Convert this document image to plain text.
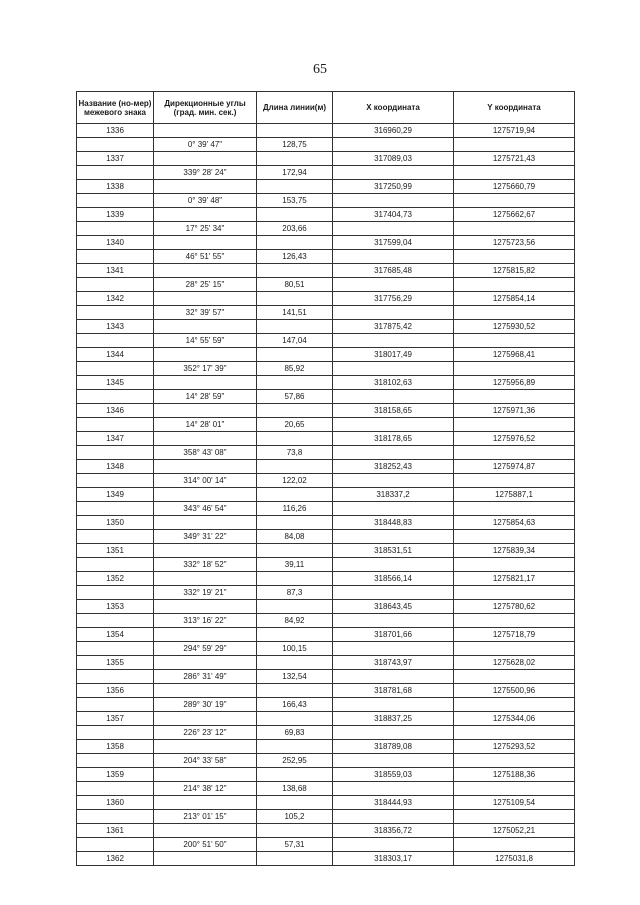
65
Название (но-мер) межевого знака	Дирекционные углы (град. мин. сек.)	Длина линии(м)	X координата	Y координата
1336			316960,29	1275719,94
	0° 39' 47"	128,75		
1337			317089,03	1275721,43
	339° 28' 24"	172,94		
1338			317250,99	1275660,79
	0° 39' 48"	153,75		
1339			317404,73	1275662,67
	17° 25' 34"	203,66		
1340			317599,04	1275723,56
	46° 51' 55"	126,43		
1341			317685,48	1275815,82
	28° 25' 15"	80,51		
1342			317756,29	1275854,14
	32° 39' 57"	141,51		
1343			317875,42	1275930,52
	14° 55' 59"	147,04		
1344			318017,49	1275968,41
	352° 17' 39"	85,92		
1345			318102,63	1275956,89
	14° 28' 59"	57,86		
1346			318158,65	1275971,36
	14° 28' 01"	20,65		
1347			318178,65	1275976,52
	358° 43' 08"	73,8		
1348			318252,43	1275974,87
	314° 00' 14"	122,02		
1349			318337,2	1275887,1
	343° 46' 54"	116,26		
1350			318448,83	1275854,63
	349° 31' 22"	84,08		
1351			318531,51	1275839,34
	332° 18' 52"	39,11		
1352			318566,14	1275821,17
	332° 19' 21"	87,3		
1353			318643,45	1275780,62
	313° 16' 22"	84,92		
1354			318701,66	1275718,79
	294° 59' 29"	100,15		
1355			318743,97	1275628,02
	286° 31' 49"	132,54		
1356			318781,68	1275500,96
	289° 30' 19"	166,43		
1357			318837,25	1275344,06
	226° 23' 12"	69,83		
1358			318789,08	1275293,52
	204° 33' 58"	252,95		
1359			318559,03	1275188,36
	214° 38' 12"	138,68		
1360			318444,93	1275109,54
	213° 01' 15"	105,2		
1361			318356,72	1275052,21
	200° 51' 50"	57,31		
1362			318303,17	1275031,8
